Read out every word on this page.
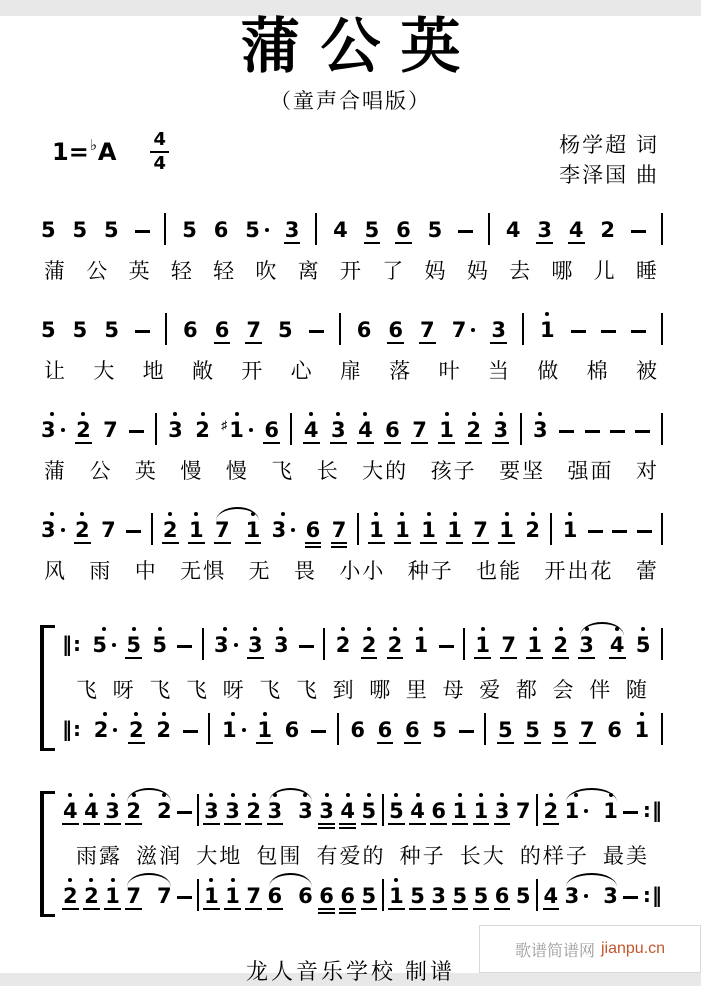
蒲公英
（童声合唱版）
1= ♭ A $\frac{4}{4}$	杨学超 词
李泽国 曲
5 5 5	5 6 5 3 4 5 6 5	4 3 4 2
蒲 公 英 轻 轻 吹 离 开 了 妈 妈 去 哪 儿 睡
5 5 5	6 6 7 5	6 6 7 7 3 1
让 大 地 敞 开 心 扉 落 叶 当 做 棉 被
3 2 7 3 2 ♯ 1 6 4 3 4 6 7 1 2 3 3
蒲 公 英 慢 慢 飞 长 大的 孩子 要坚 强面 对
3 2 7 2 1 7 1 3 6 7 1 1 1 1 7 1 2 1
风 雨 中 无惧 无 畏 小小 种子 也能 开出花 蕾
‖: 5 5 5 3 3 3 2 2 2 1 1 7 1 2 3 4 5
飞 呀 飞 飞 呀 飞 飞 到 哪 里 母 爱 都 会 伴 随
‖: 2 2 2 1 1 6 6 6 6 5 5 5 5 7 6 1
4 4 3 2 2 3 3 2 3 3 3 4 5 5 4 6 1 1 3 7 2 1 1 :‖
雨露 滋润 大地 包围 有爱的 种子 长大 的样子 最美
2 2 1 7 7 1 1 7 6 6 6 6 5 1 5 3 5 5 6 5 4 3 3 :‖
龙人音乐学校 制谱
歌谱简谱网 jianpu.cn
